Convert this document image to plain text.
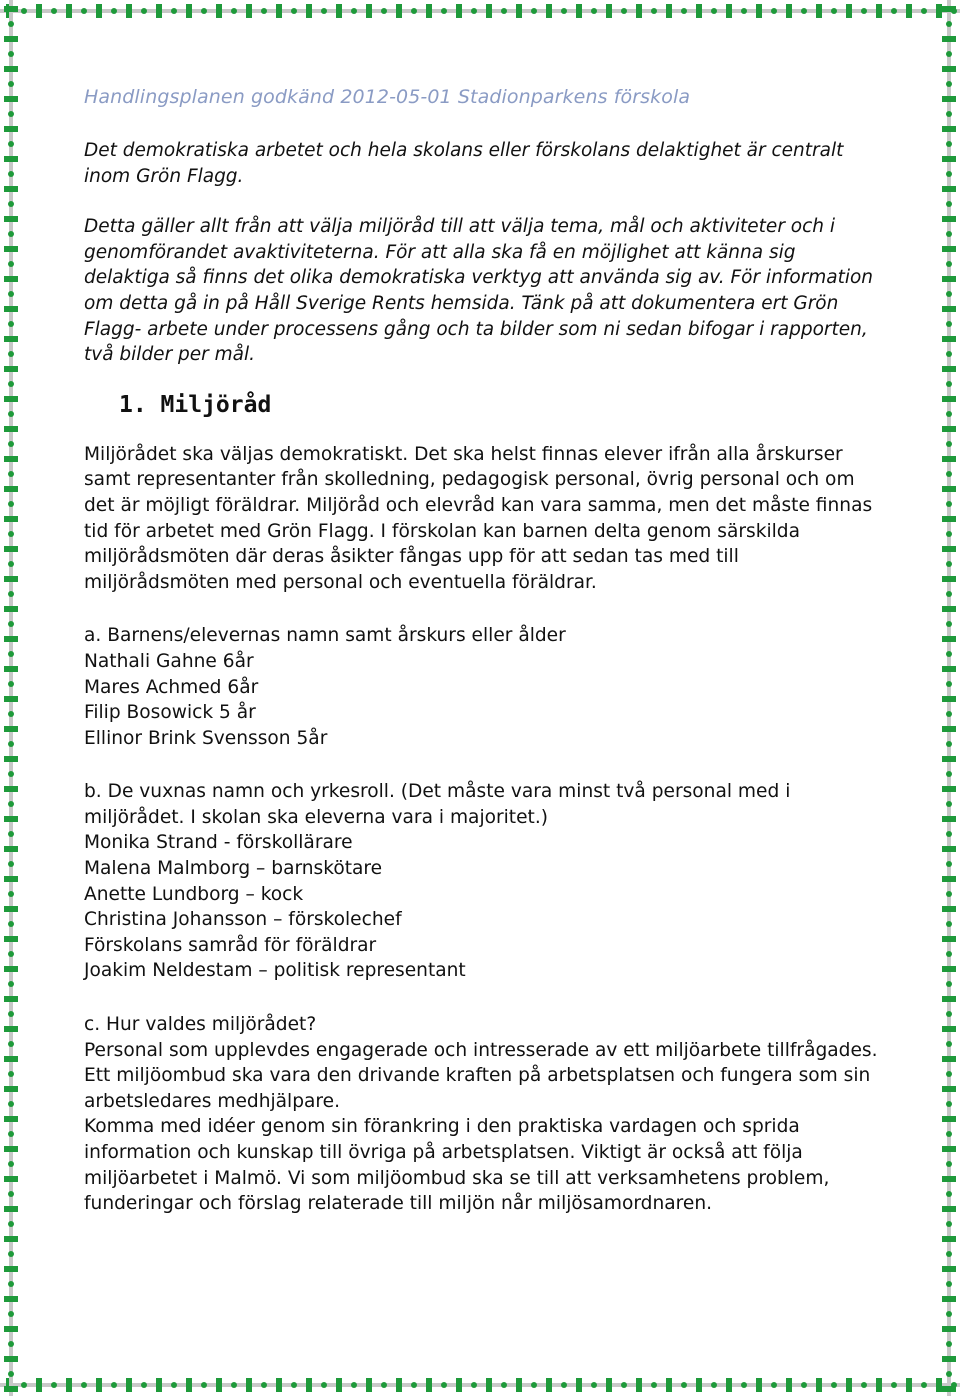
Handlingsplanen godkänd 2012-05-01 Stadionparkens förskola

Det demokratiska arbetet och hela skolans eller förskolans delaktighet är centralt inom Grön Flagg.

Detta gäller allt från att välja miljöråd till att välja tema, mål och aktiviteter och i genomförandet avaktiviteterna. För att alla ska få en möjlighet att känna sig delaktiga så finns det olika demokratiska verktyg att använda sig av. För information om detta gå in på Håll Sverige Rents hemsida. Tänk på att dokumentera ert Grön Flagg- arbete under processens gång och ta bilder som ni sedan bifogar i rapporten, två bilder per mål.

1. Miljöråd

Miljörådet ska väljas demokratiskt. Det ska helst finnas elever ifrån alla årskurser samt representanter från skolledning, pedagogisk personal, övrig personal och om det är möjligt föräldrar. Miljöråd och elevråd kan vara samma, men det måste finnas tid för arbetet med Grön Flagg. I förskolan kan barnen delta genom särskilda miljörådsmöten där deras åsikter fångas upp för att sedan tas med till miljörådsmöten med personal och eventuella föräldrar.

a. Barnens/elevernas namn samt årskurs eller ålder

Nathali Gahne 6år
Mares Achmed 6år
Filip Bosowick 5 år
Ellinor Brink Svensson 5år

b. De vuxnas namn och yrkesroll. (Det måste vara minst två personal med i miljörådet. I skolan ska eleverna vara i majoritet.)

Monika Strand - förskollärare
Malena Malmborg – barnskötare
Anette Lundborg – kock
Christina Johansson – förskolechef
Förskolans samråd för föräldrar
Joakim Neldestam – politisk representant

c. Hur valdes miljörådet?

Personal som upplevdes engagerade och intresserade av ett miljöarbete tillfrågades. Ett miljöombud ska vara den drivande kraften på arbetsplatsen och fungera som sin arbetsledares medhjälpare.

Komma med idéer genom sin förankring i den praktiska vardagen och sprida information och kunskap till övriga på arbetsplatsen. Viktigt är också att följa miljöarbetet i Malmö. Vi som miljöombud ska se till att verksamhetens problem, funderingar och förslag relaterade till miljön når miljösamordnaren.
